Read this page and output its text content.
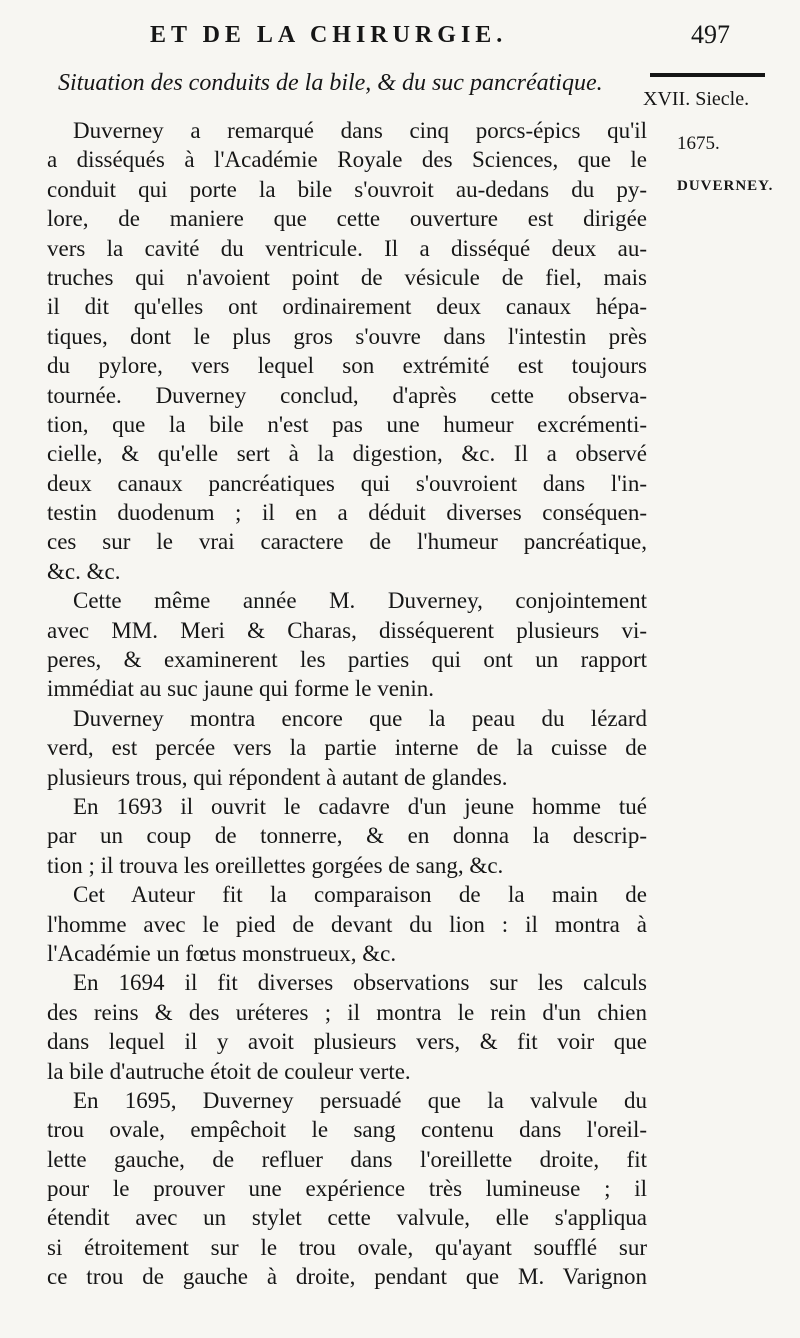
ET DE LA CHIRURGIE.	497
Situation des conduits de la bile, & du suc pancréatique.
XVII. Siecle.
1675.
DUVERNEY.
Duverney a remarqué dans cinq porcs-épics qu'il
a disséqués à l'Académie Royale des Sciences, que le
conduit qui porte la bile s'ouvroit au-dedans du py-
lore, de maniere que cette ouverture est dirigée
vers la cavité du ventricule. Il a disséqué deux au-
truches qui n'avoient point de vésicule de fiel, mais
il dit qu'elles ont ordinairement deux canaux hépa-
tiques, dont le plus gros s'ouvre dans l'intestin près
du pylore, vers lequel son extrémité est toujours
tournée. Duverney conclud, d'après cette observa-
tion, que la bile n'est pas une humeur excrémenti-
cielle, & qu'elle sert à la digestion, &c. Il a observé
deux canaux pancréatiques qui s'ouvroient dans l'in-
testin duodenum ; il en a déduit diverses conséquen-
ces sur le vrai caractere de l'humeur pancréatique,
&c. &c.
Cette même année M. Duverney, conjointement
avec MM. Meri & Charas, disséquerent plusieurs vi-
peres, & examinerent les parties qui ont un rapport
immédiat au suc jaune qui forme le venin.
Duverney montra encore que la peau du lézard
verd, est percée vers la partie interne de la cuisse de
plusieurs trous, qui répondent à autant de glandes.
En 1693 il ouvrit le cadavre d'un jeune homme tué
par un coup de tonnerre, & en donna la descrip-
tion ; il trouva les oreillettes gorgées de sang, &c.
Cet Auteur fit la comparaison de la main de
l'homme avec le pied de devant du lion : il montra à
l'Académie un fœtus monstrueux, &c.
En 1694 il fit diverses observations sur les calculs
des reins & des uréteres ; il montra le rein d'un chien
dans lequel il y avoit plusieurs vers, & fit voir que
la bile d'autruche étoit de couleur verte.
En 1695, Duverney persuadé que la valvule du
trou ovale, empêchoit le sang contenu dans l'oreil-
lette gauche, de refluer dans l'oreillette droite, fit
pour le prouver une expérience très lumineuse ; il
étendit avec un stylet cette valvule, elle s'appliqua
si étroitement sur le trou ovale, qu'ayant soufflé sur
ce trou de gauche à droite, pendant que M. Varignon
